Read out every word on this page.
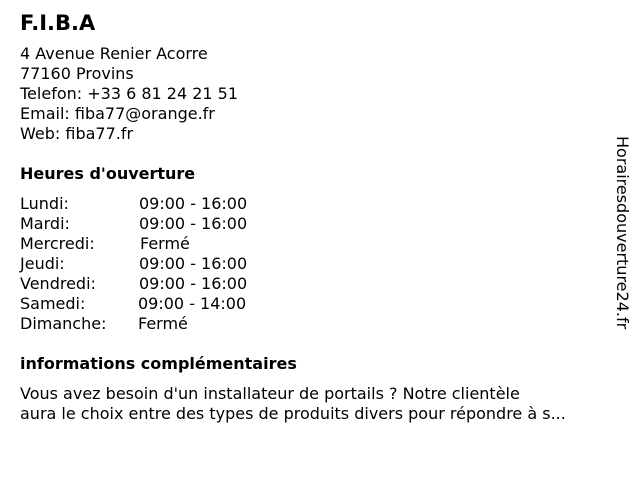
F.I.B.A
4 Avenue Renier Acorre
77160 Provins
Telefon: +33 6 81 24 21 51
Email: fiba77@orange.fr
Web: fiba77.fr
Heures d'ouverture
Lundi:	09:00 - 16:00
Mardi:	09:00 - 16:00
Mercredi:	Fermé
Jeudi:	09:00 - 16:00
Vendredi:	09:00 - 16:00
Samedi:	09:00 - 14:00
Dimanche: Fermé
informations complémentaires
Vous avez besoin d'un installateur de portails ? Notre clientèle
aura le choix entre des types de produits divers pour répondre à s...
Horairesdouverture24.fr
